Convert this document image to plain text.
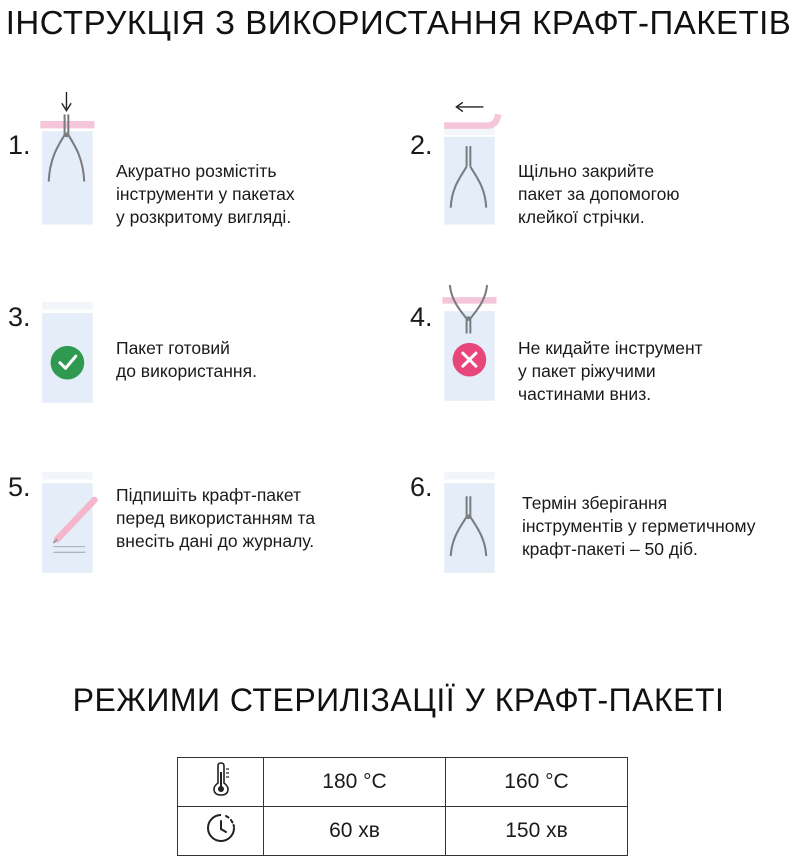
ІНСТРУКЦІЯ З ВИКОРИСТАННЯ КРАФТ-ПАКЕТІВ
1.

Акуратно розмістіть
інструменти у пакетах
у розкритому вигляді.

2.

Щільно закрийте
пакет за допомогою
клейкої стрічки.

3.

Пакет готовий
до використання.

4.

Не кидайте інструмент
у пакет ріжучими
частинами вниз.

5.	Підпишіть крафт-пакет
перед використанням та
внесіть дані до журналу.

6.

Термін зберігання
інструментів у герметичному
крафт-пакеті – 50 діб.

РЕЖИМИ СТЕРИЛІЗАЦІЇ У КРАФТ-ПАКЕТІ
	180 °C	160 °C
	60 хв	150 хв
